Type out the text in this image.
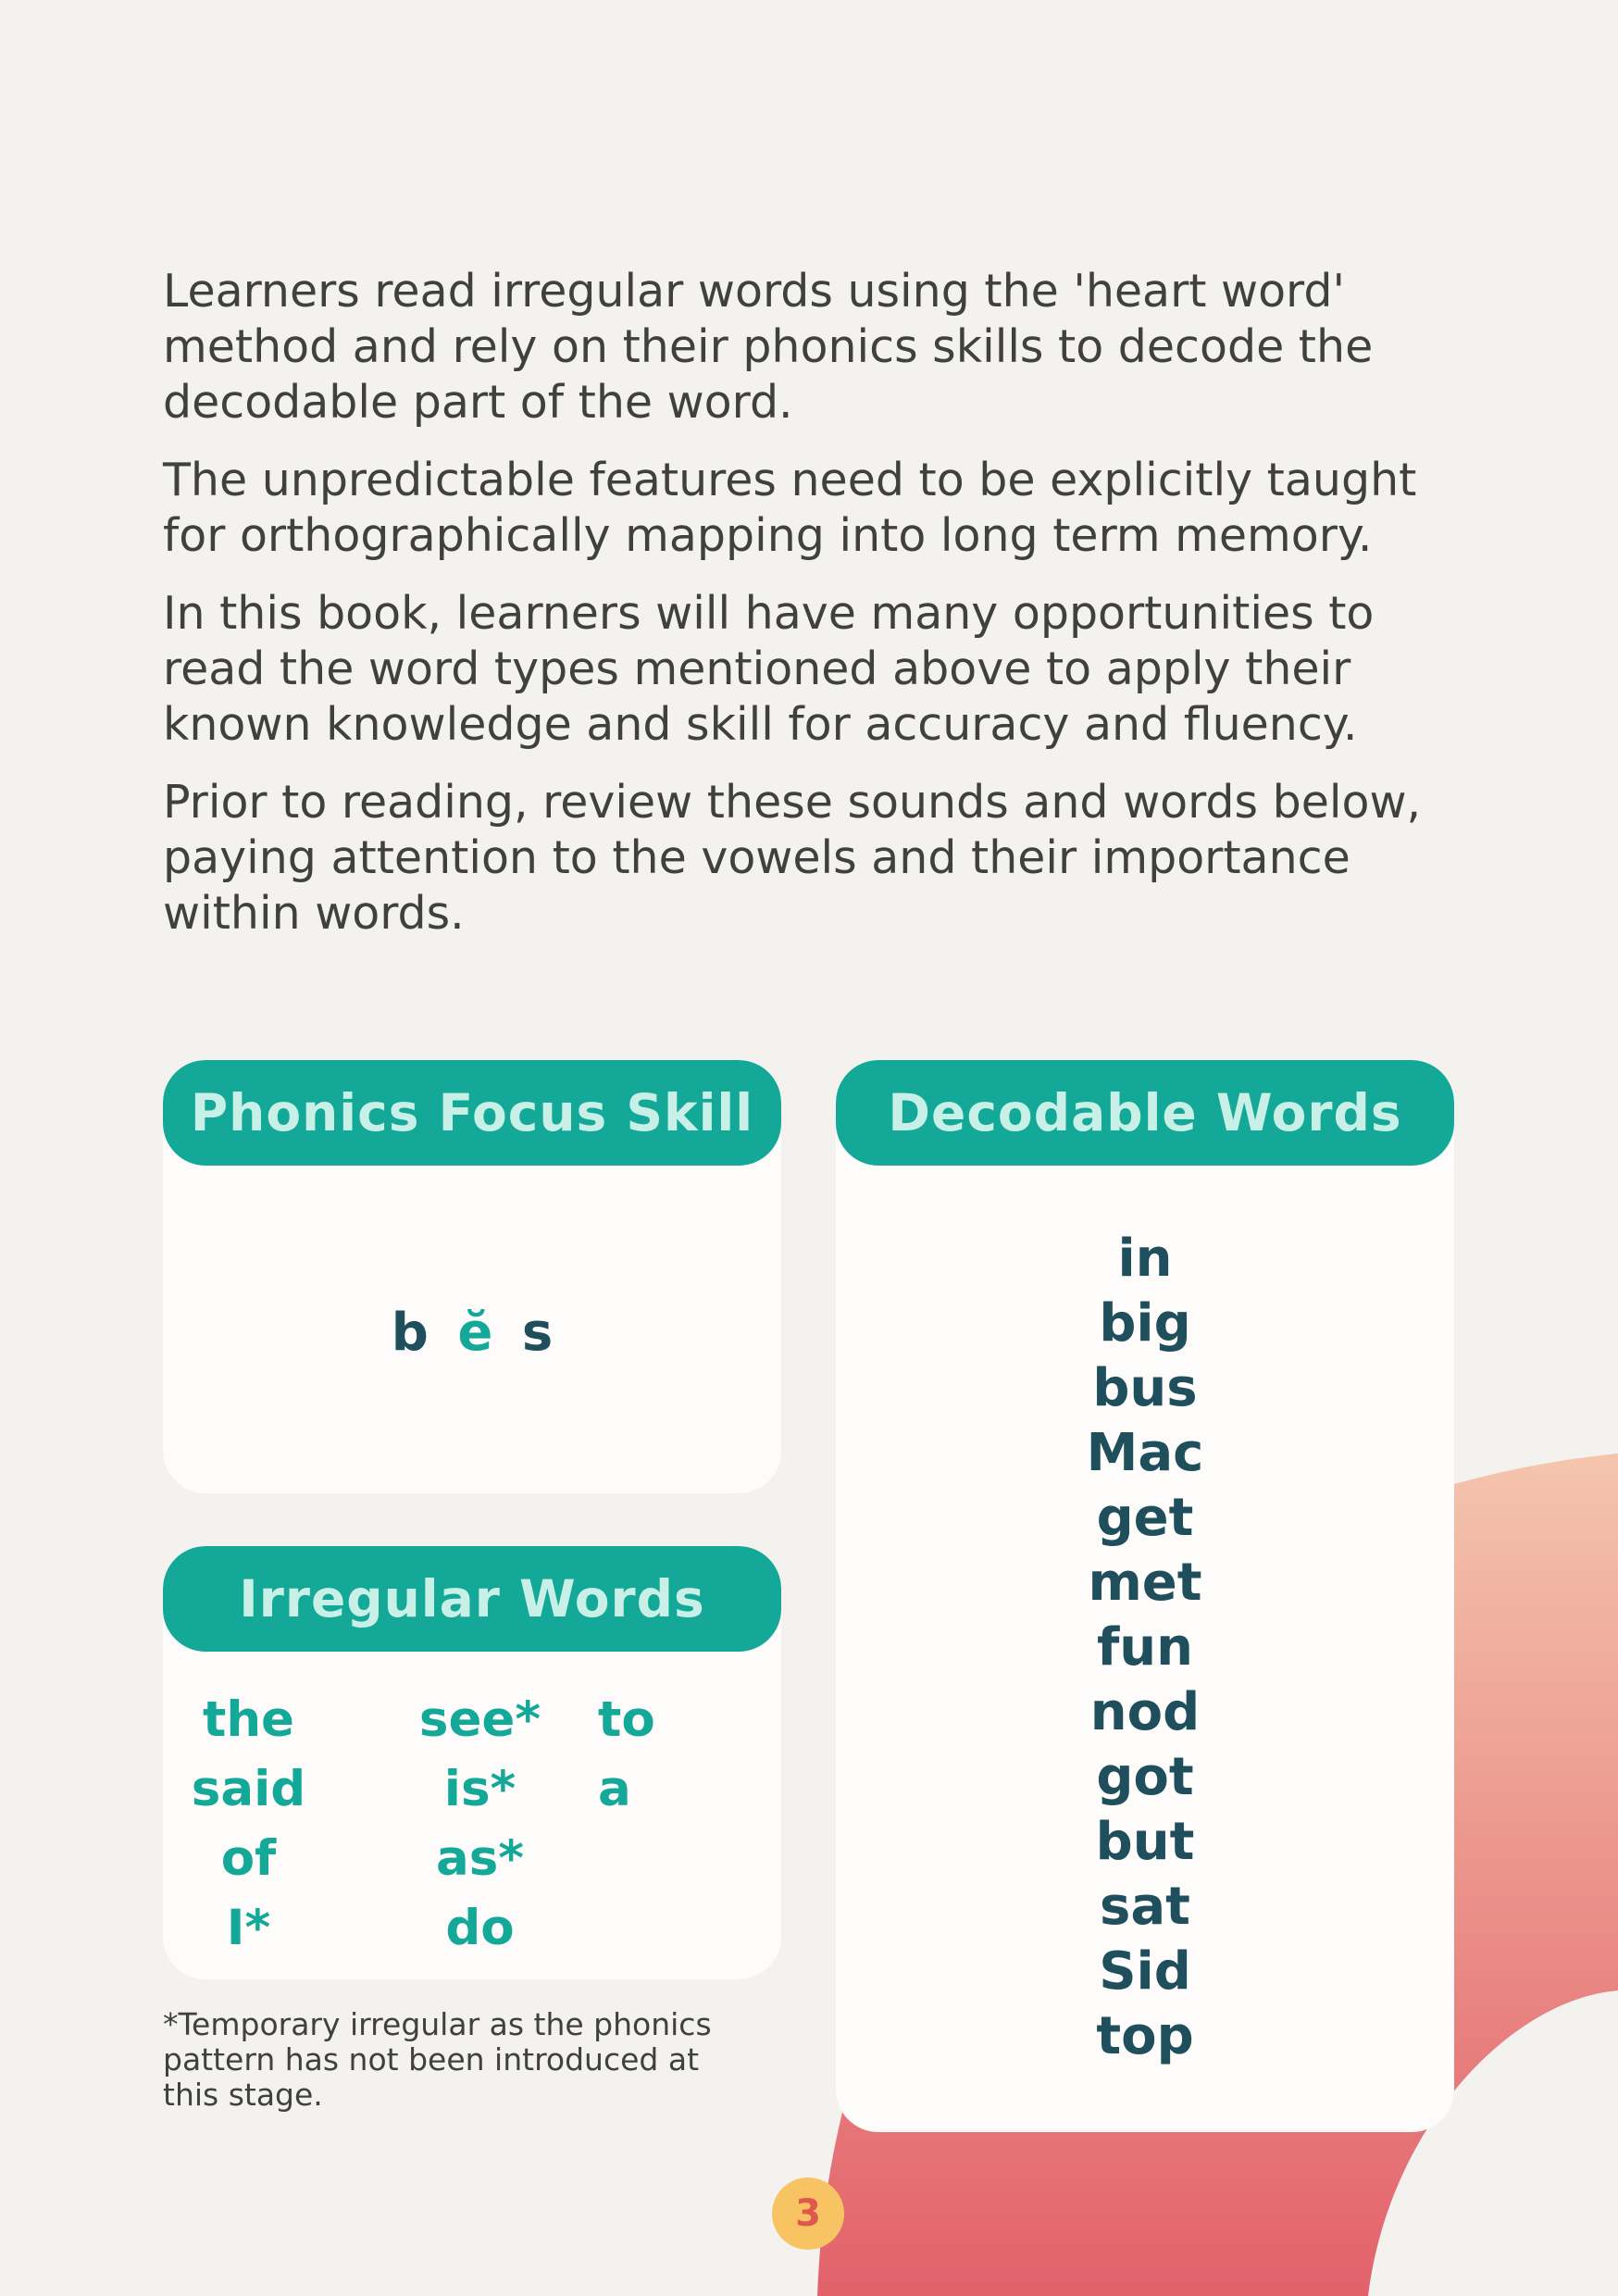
Learners read irregular words using the 'heart word' method and rely on their phonics skills to decode the decodable part of the word.

The unpredictable features need to be explicitly taught for orthographically mapping into long term memory.

In this book, learners will have many opportunities to read the word types mentioned above to apply their known knowledge and skill for accuracy and fluency.

Prior to reading, review these sounds and words below, paying attention to the vowels and their importance within words.

Phonics Focus Skill
b ĕ s
Decodable Words
in
big
bus
Mac
get
met
fun
nod
got
but
sat
Sid
top
Irregular Words
the
said
of
I*
see*
is*
as*
do
to
a
*Temporary irregular as the phonics pattern has not been introduced at this stage.
3
